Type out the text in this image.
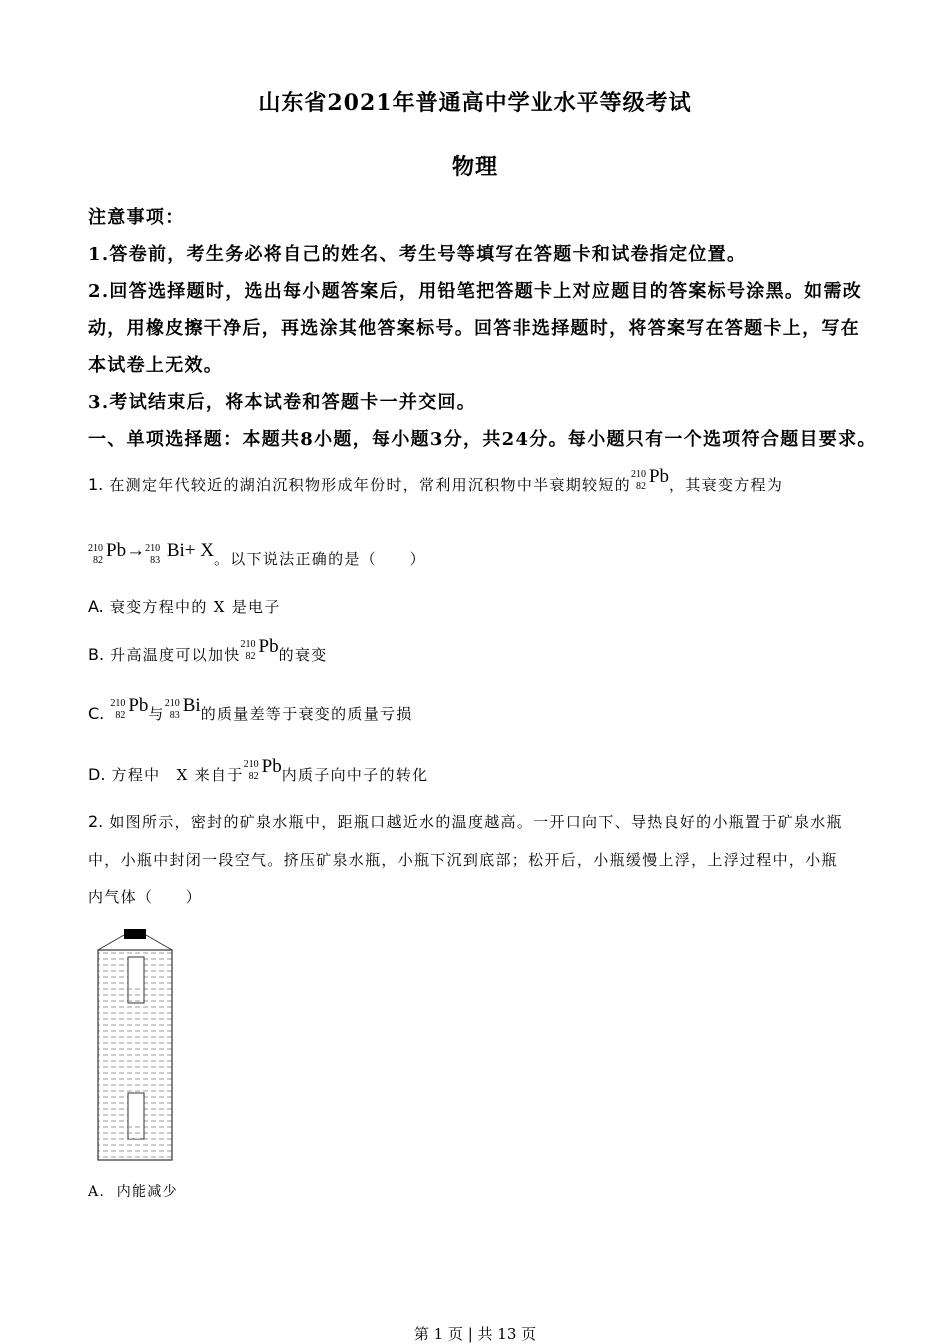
山东省2021年普通高中学业水平等级考试
物理
注意事项：
1.答卷前，考生务必将自己的姓名、考生号等填写在答题卡和试卷指定位置。
2.回答选择题时，选出每小题答案后，用铅笔把答题卡上对应题目的答案标号涂黑。如需改
动，用橡皮擦干净后，再选涂其他答案标号。回答非选择题时，将答案写在答题卡上，写在
本试卷上无效。
3.考试结束后，将本试卷和答题卡一并交回。
一、单项选择题：本题共8小题，每小题3分，共24分。每小题只有一个选项符合题目要求。
1. 在测定年代较近的湖泊沉积物形成年份时，常利用沉积物中半衰期较短的
210
82 Pb，其衰变方程为
210
82 Pb→ 210
83 Bi+ X。以下说法正确的是（　　）
A. 衰变方程中的 X 是电子
B. 升高温度可以加快
210
82 Pb的衰变
C.
210
82 Pb与
210
83 Bi的质量差等于衰变的质量亏损
D. 方程中　X 来自于
210
82 Pb内质子向中子的转化
2. 如图所示，密封的矿泉水瓶中，距瓶口越近水的温度越高。一开口向下、导热良好的小瓶置于矿泉水瓶
中，小瓶中封闭一段空气。挤压矿泉水瓶，小瓶下沉到底部；松开后，小瓶缓慢上浮，上浮过程中，小瓶
内气体（　　）
A. 内能减少
第 1 页 | 共 13 页
